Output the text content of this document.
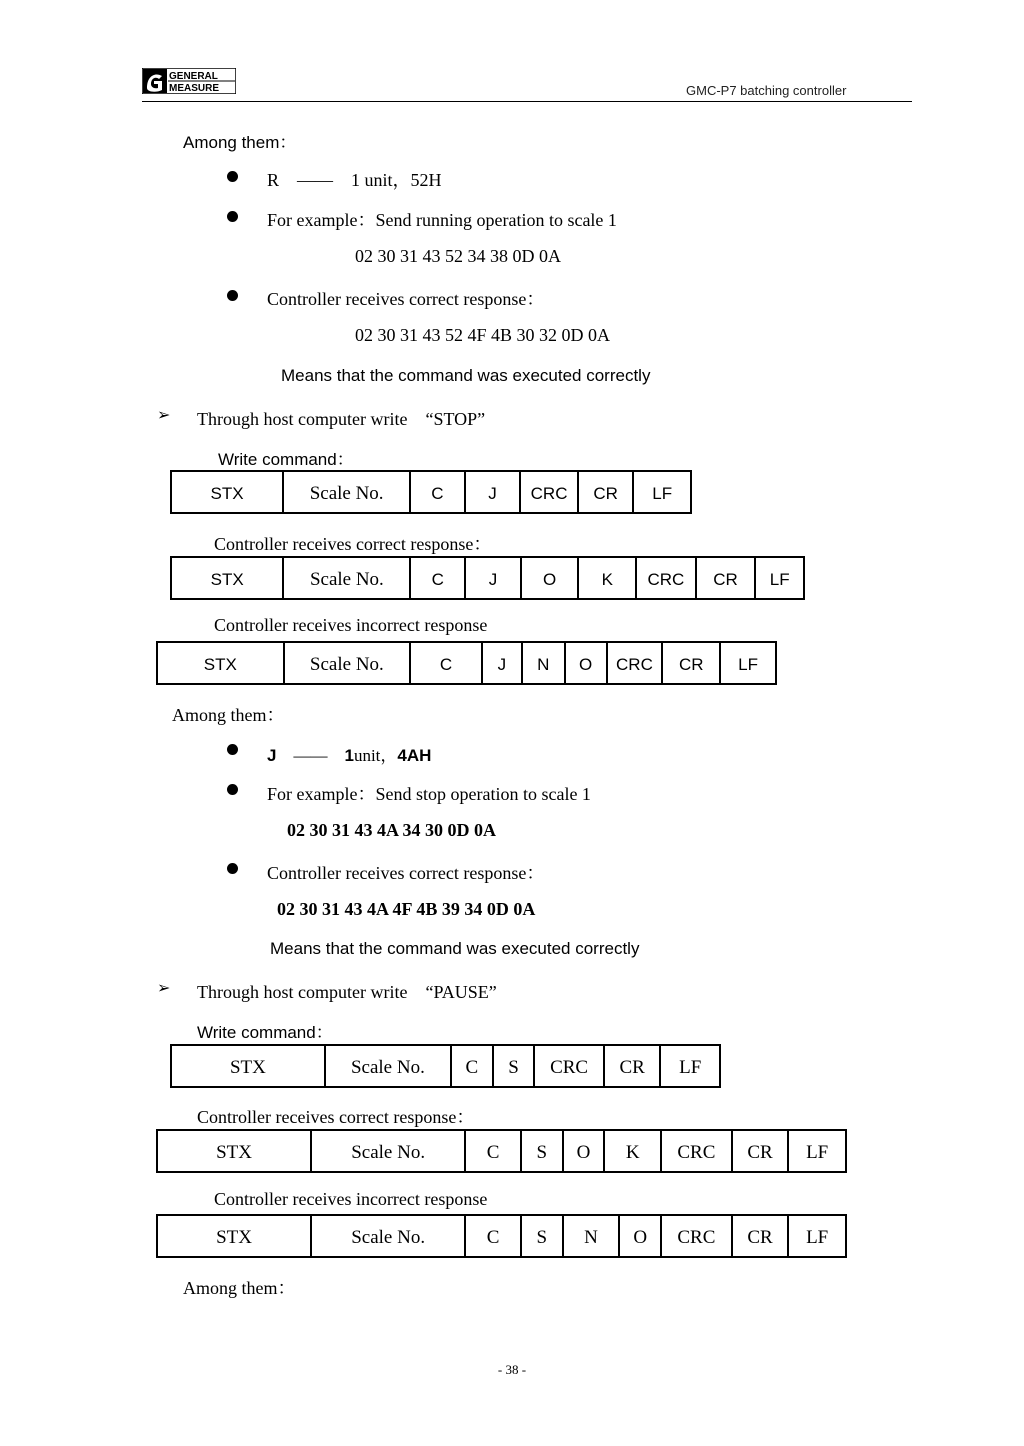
GENERAL
MEASURE	GMC-P7 batching controller
Among them：
R　——　1 unit，52H
For example：Send running operation to scale 1
02 30 31 43 52 34 38 0D 0A
Controller receives correct response：
02 30 31 43 52 4F 4B 30 32 0D 0A
Means that the command was executed correctly
➢ Through host computer write　“STOP”
Write command：
STX	Scale No.	C	J	CRC	CR	LF
Controller receives correct response：
STX	Scale No.	C	J	O	K	CRC	CR	LF
Controller receives incorrect response
STX	Scale No.	C	J	N	O	CRC	CR	LF
Among them：
J —— 1unit，4AH
For example：Send stop operation to scale 1
02 30 31 43 4A 34 30 0D 0A
Controller receives correct response：
02 30 31 43 4A 4F 4B 39 34 0D 0A
Means that the command was executed correctly
➢ Through host computer write　“PAUSE”
Write command：
STX	Scale No.	C	S	CRC	CR	LF
Controller receives correct response：
STX	Scale No.	C	S	O	K	CRC	CR	LF
Controller receives incorrect response
STX	Scale No.	C	S	N	O	CRC	CR	LF
Among them：
- 38 -
